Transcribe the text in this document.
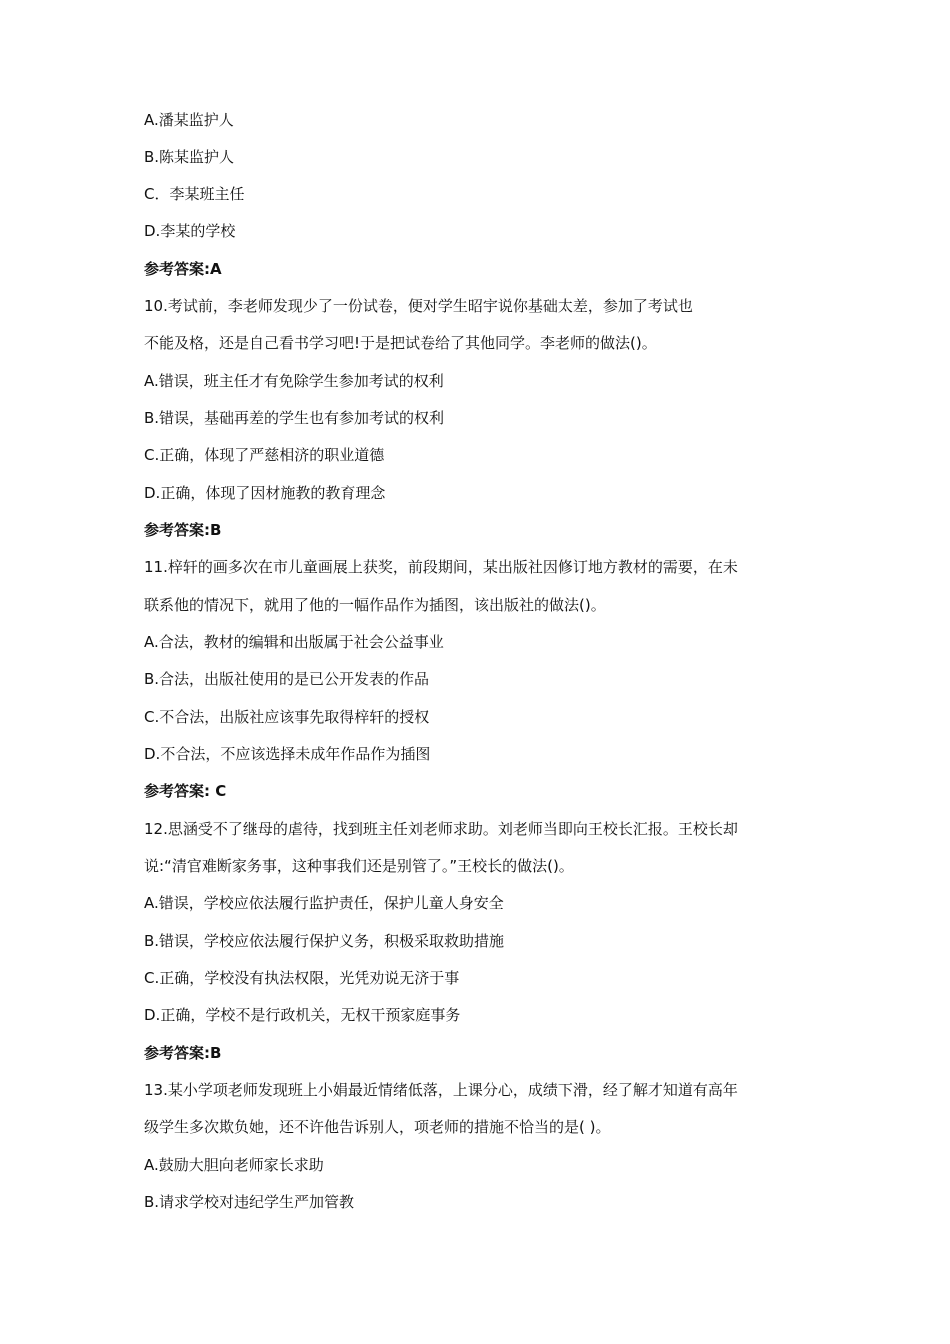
A.潘某监护人
B.陈某监护人
C．李某班主任
D.李某的学校
参考答案:A
10.考试前，李老师发现少了一份试卷，便对学生昭宇说你基础太差，参加了考试也
不能及格，还是自己看书学习吧!于是把试卷给了其他同学。李老师的做法()。
A.错误，班主任才有免除学生参加考试的权利
B.错误，基础再差的学生也有参加考试的权利
C.正确，体现了严慈相济的职业道德
D.正确，体现了因材施教的教育理念
参考答案:B
11.梓轩的画多次在市儿童画展上获奖，前段期间，某出版社因修订地方教材的需要，在未
联系他的情况下，就用了他的一幅作品作为插图，该出版社的做法()。
A.合法，教材的编辑和出版属于社会公益事业
B.合法，出版社使用的是已公开发表的作品
C.不合法，出版社应该事先取得梓轩的授权
D.不合法，不应该选择未成年作品作为插图
参考答案: C
12.思涵受不了继母的虐待，找到班主任刘老师求助。刘老师当即向王校长汇报。王校长却
说:“清官难断家务事，这种事我们还是别管了。”王校长的做法()。
A.错误，学校应依法履行监护责任，保护儿童人身安全
B.错误，学校应依法履行保护义务，积极采取救助措施
C.正确，学校没有执法权限，光凭劝说无济于事
D.正确，学校不是行政机关，无权干预家庭事务
参考答案:B
13.某小学项老师发现班上小娟最近情绪低落，上课分心，成绩下滑，经了解才知道有高年
级学生多次欺负她，还不许他告诉别人，项老师的措施不恰当的是( )。
A.鼓励大胆向老师家长求助
B.请求学校对违纪学生严加管教
